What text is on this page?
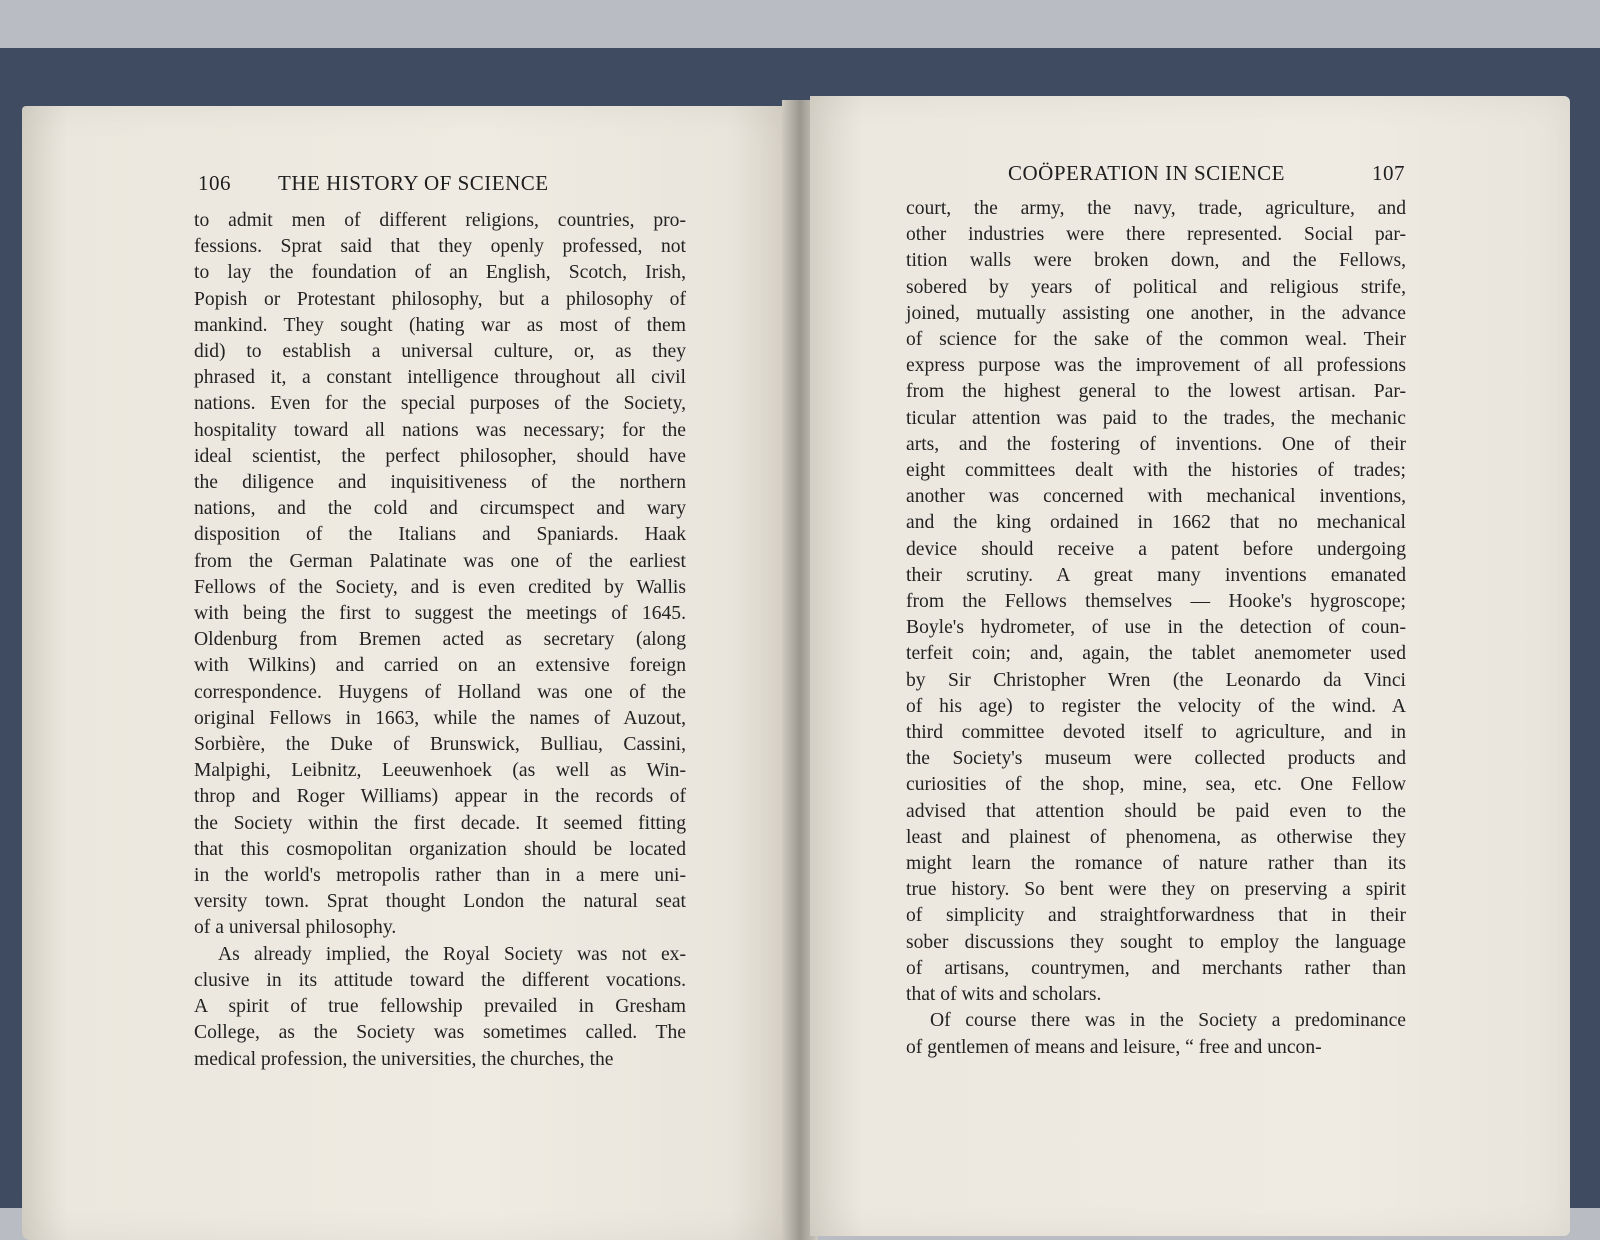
106 THE HISTORY OF SCIENCE
to admit men of different religions, countries, pro-
fessions. Sprat said that they openly professed, not
to lay the foundation of an English, Scotch, Irish,
Popish or Protestant philosophy, but a philosophy of
mankind. They sought (hating war as most of them
did) to establish a universal culture, or, as they
phrased it, a constant intelligence throughout all civil
nations. Even for the special purposes of the Society,
hospitality toward all nations was necessary; for the
ideal scientist, the perfect philosopher, should have
the diligence and inquisitiveness of the northern
nations, and the cold and circumspect and wary
disposition of the Italians and Spaniards. Haak
from the German Palatinate was one of the earliest
Fellows of the Society, and is even credited by Wallis
with being the first to suggest the meetings of 1645.
Oldenburg from Bremen acted as secretary (along
with Wilkins) and carried on an extensive foreign
correspondence. Huygens of Holland was one of the
original Fellows in 1663, while the names of Auzout,
Sorbière, the Duke of Brunswick, Bulliau, Cassini,
Malpighi, Leibnitz, Leeuwenhoek (as well as Win-
throp and Roger Williams) appear in the records of
the Society within the first decade. It seemed fitting
that this cosmopolitan organization should be located
in the world's metropolis rather than in a mere uni-
versity town. Sprat thought London the natural seat
of a universal philosophy.
As already implied, the Royal Society was not ex-
clusive in its attitude toward the different vocations.
A spirit of true fellowship prevailed in Gresham
College, as the Society was sometimes called. The
medical profession, the universities, the churches, the
COÖPERATION IN SCIENCE	107
court, the army, the navy, trade, agriculture, and
other industries were there represented. Social par-
tition walls were broken down, and the Fellows,
sobered by years of political and religious strife,
joined, mutually assisting one another, in the advance
of science for the sake of the common weal. Their
express purpose was the improvement of all professions
from the highest general to the lowest artisan. Par-
ticular attention was paid to the trades, the mechanic
arts, and the fostering of inventions. One of their
eight committees dealt with the histories of trades;
another was concerned with mechanical inventions,
and the king ordained in 1662 that no mechanical
device should receive a patent before undergoing
their scrutiny. A great many inventions emanated
from the Fellows themselves — Hooke's hygroscope;
Boyle's hydrometer, of use in the detection of coun-
terfeit coin; and, again, the tablet anemometer used
by Sir Christopher Wren (the Leonardo da Vinci
of his age) to register the velocity of the wind. A
third committee devoted itself to agriculture, and in
the Society's museum were collected products and
curiosities of the shop, mine, sea, etc. One Fellow
advised that attention should be paid even to the
least and plainest of phenomena, as otherwise they
might learn the romance of nature rather than its
true history. So bent were they on preserving a spirit
of simplicity and straightforwardness that in their
sober discussions they sought to employ the language
of artisans, countrymen, and merchants rather than
that of wits and scholars.
Of course there was in the Society a predominance
of gentlemen of means and leisure, “ free and uncon-
